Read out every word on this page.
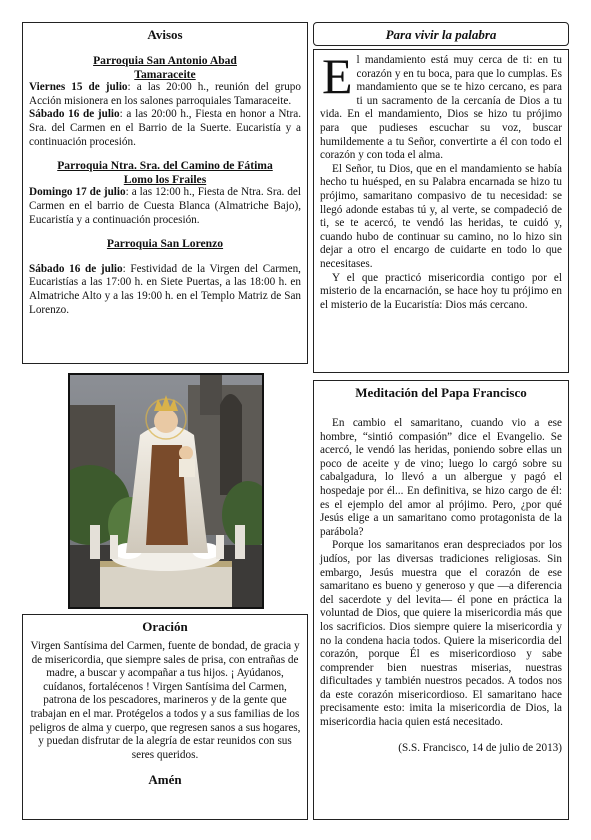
Avisos

Parroquia San Antonio Abad

Tamaraceite

Viernes 15 de julio: a las 20:00 h., reunión del grupo Acción misionera en los salones parroquiales Tamaraceite.

Sábado 16 de julio: a las 20:00 h., Fiesta en honor a Ntra. Sra. del Carmen en el Barrio de la Suerte. Eucaristía y a continuación procesión.

Parroquia Ntra. Sra. del Camino de Fátima

Lomo los Frailes

Domingo 17 de julio: a las 12:00 h., Fiesta de Ntra. Sra. del Carmen en el barrio de Cuesta Blanca (Almatriche Bajo), Eucaristía y a continuación procesión.

Parroquia San Lorenzo

Sábado 16 de julio: Festividad de la Virgen del Carmen, Eucaristías a las 17:00 h. en Siete Puertas, a las 18:00 h. en Almatriche Alto y a las 19:00 h. en el Templo Matriz de San Lorenzo.

Oración

Virgen Santísima del Carmen, fuente de bondad, de gracia y de misericordia, que siempre sales de prisa, con entrañas de madre, a buscar y acompañar a tus hijos. ¡ Ayúdanos, cuídanos, fortalécenos ! Virgen Santísima del Carmen, patrona de los pescadores, marineros y de la gente que trabajan en el mar. Protégelos a todos y a sus familias de los peligros de alma y cuerpo, que regresen sanos a sus hogares, y puedan disfrutar de la alegría de estar reunidos con sus seres queridos.

Amén

Para vivir la palabra
E l mandamiento está muy cerca de ti: en tu corazón y en tu boca, para que lo cumplas. Es mandamiento que se te hizo cercano, es para ti un sacramento de la cercanía de Dios a tu vida. En el mandamiento, Dios se hizo tu prójimo para que pudieses escuchar su voz, buscar humildemente a tu Señor, convertirte a él con todo el corazón y con toda el alma.

El Señor, tu Dios, que en el mandamiento se había hecho tu huésped, en su Palabra encarnada se hizo tu prójimo, samaritano compasivo de tu necesidad: se llegó adonde estabas tú y, al verte, se compadeció de ti, se te acercó, te vendó las heridas, te cuidó y, cuando hubo de continuar su camino, no lo hizo sin dejar a otro el encargo de cuidarte en todo lo que necesitases.

Y el que practicó misericordia contigo por el misterio de la encarnación, se hace hoy tu prójimo en el misterio de la Eucaristía: Dios más cercano.

Meditación del Papa Francisco

En cambio el samaritano, cuando vio a ese hombre, “sintió compasión” dice el Evangelio. Se acercó, le vendó las heridas, poniendo sobre ellas un poco de aceite y de vino; luego lo cargó sobre su cabalgadura, lo llevó a un albergue y pagó el hospedaje por él... En definitiva, se hizo cargo de él: es el ejemplo del amor al prójimo. Pero, ¿por qué Jesús elige a un samaritano como protagonista de la parábola?

Porque los samaritanos eran despreciados por los judíos, por las diversas tradiciones religiosas. Sin embargo, Jesús muestra que el corazón de ese samaritano es bueno y generoso y que —a diferencia del sacerdote y del levita— él pone en práctica la voluntad de Dios, que quiere la misericordia más que los sacrificios. Dios siempre quiere la misericordia y no la condena hacia todos. Quiere la misericordia del corazón, porque Él es misericordioso y sabe comprender bien nuestras miserias, nuestras dificultades y también nuestros pecados. A todos nos da este corazón misericordioso. El samaritano hace precisamente esto: imita la misericordia de Dios, la misericordia hacia quien está necesitado.

(S.S. Francisco, 14 de julio de 2013)
